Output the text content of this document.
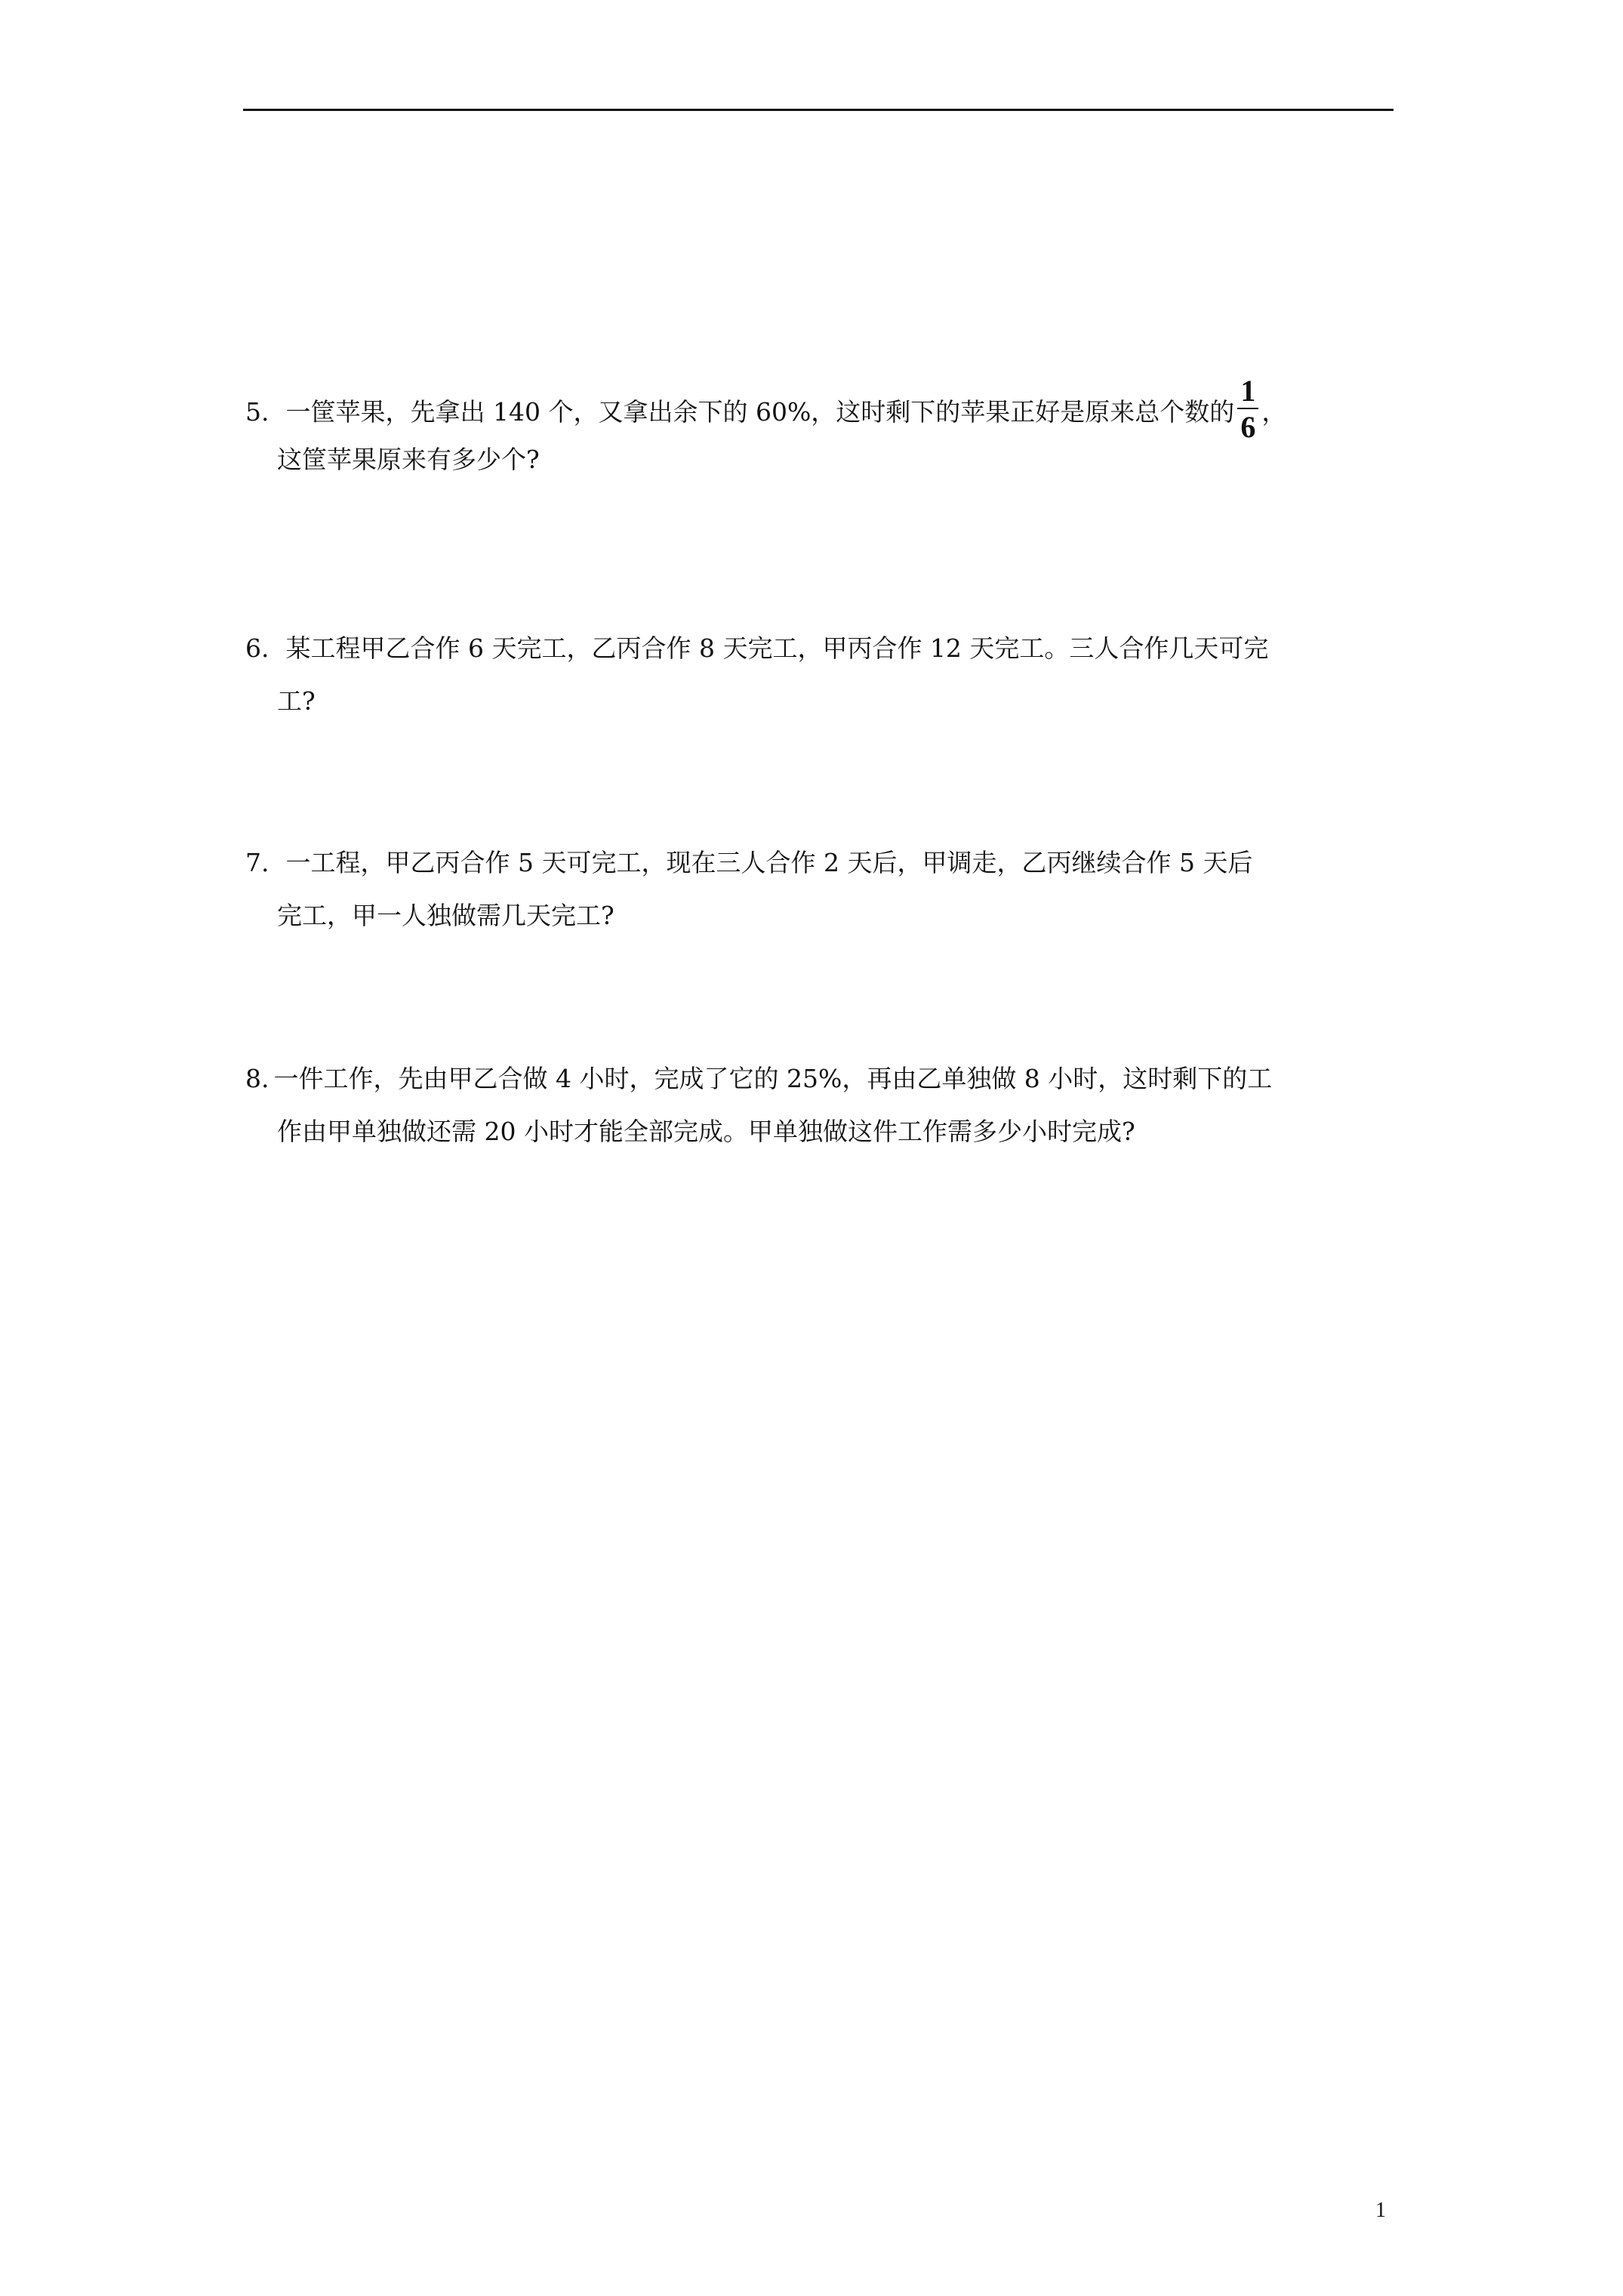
5. 一筐苹果，先拿出 140 个，又拿出余下的 60%，这时剩下的苹果正好是原来总个数的 $\frac{1}{6}$ ，
这筐苹果原来有多少个?
6. 某工程甲乙合作 6 天完工，乙丙合作 8 天完工，甲丙合作 12 天完工。三人合作几天可完
工?
7. 一工程，甲乙丙合作 5 天可完工，现在三人合作 2 天后，甲调走，乙丙继续合作 5 天后
完工，甲一人独做需几天完工?
8. 一件工作，先由甲乙合做 4 小时，完成了它的 25%，再由乙单独做 8 小时，这时剩下的工
作由甲单独做还需 20 小时才能全部完成。甲单独做这件工作需多少小时完成?
1
